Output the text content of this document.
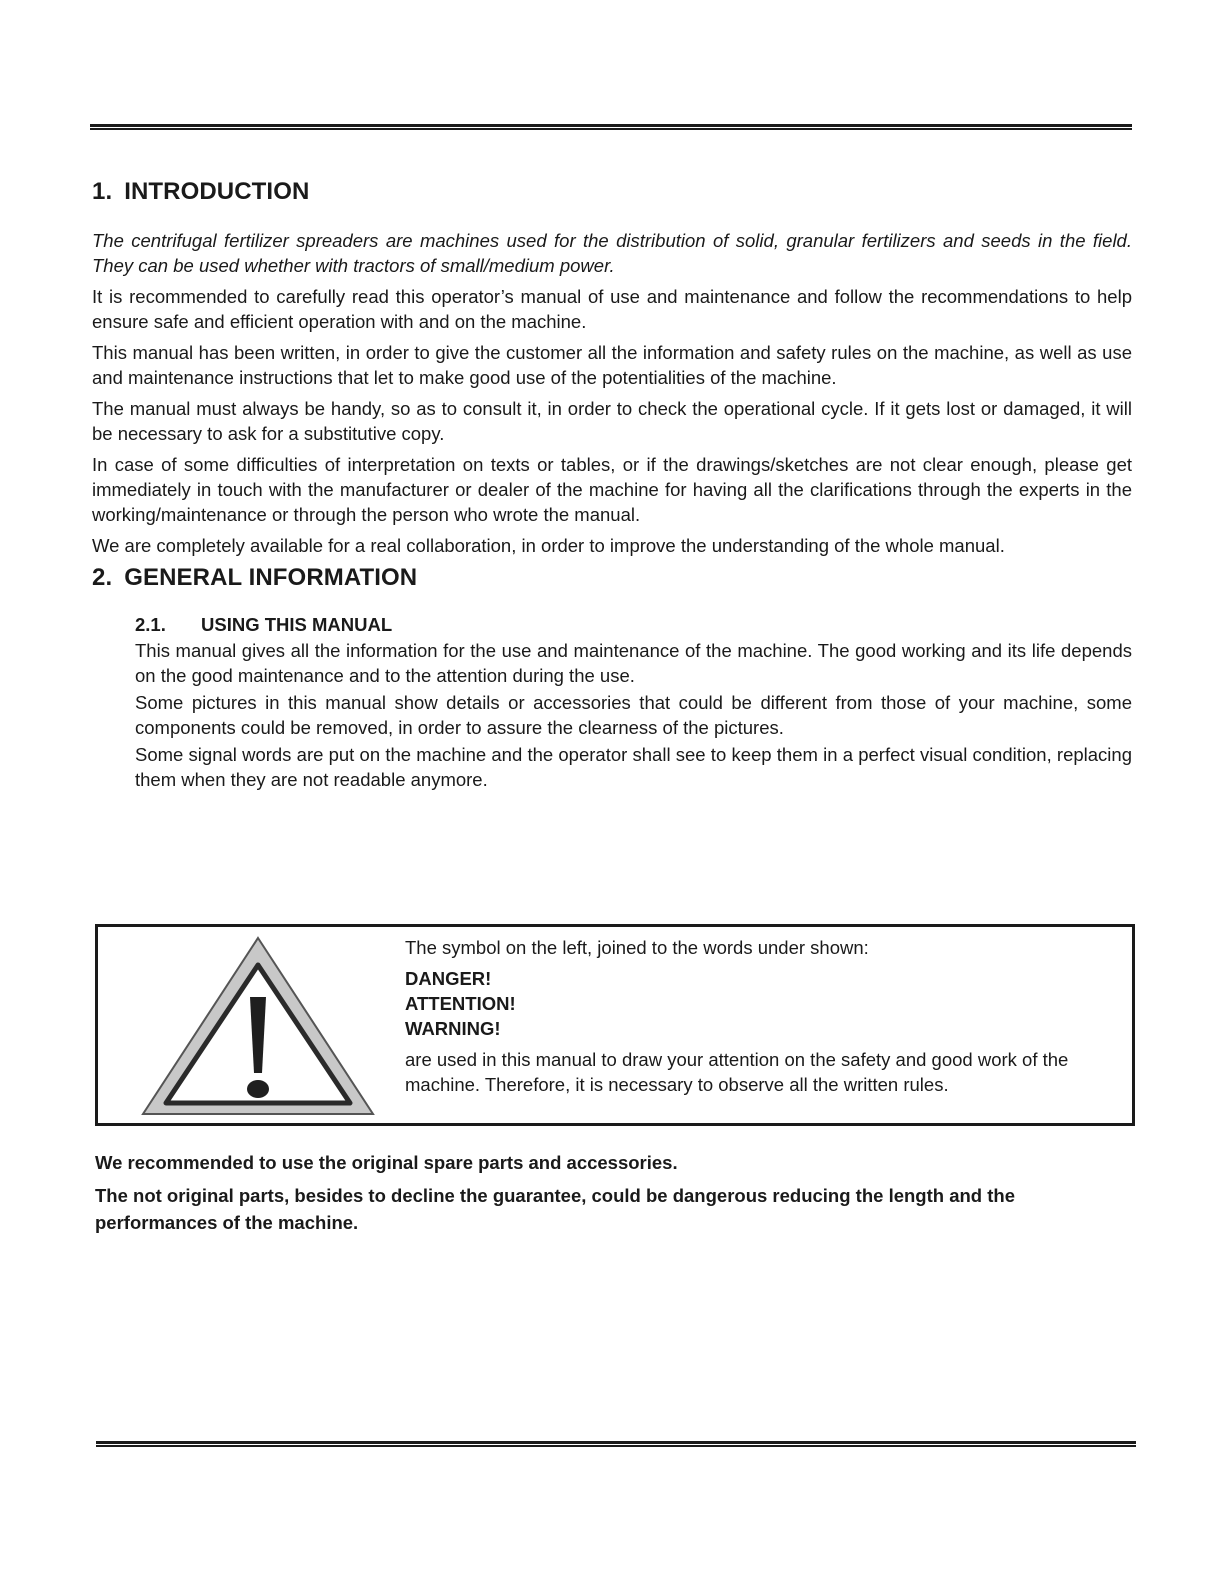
1. INTRODUCTION

The centrifugal fertilizer spreaders are machines used for the distribution of solid, granular fertilizers and seeds in the field. They can be used whether with tractors of small/medium power.

It is recommended to carefully read this operator’s manual of use and maintenance and follow the recommendations to help ensure safe and efficient operation with and on the machine.

This manual has been written, in order to give the customer all the information and safety rules on the machine, as well as use and maintenance instructions that let to make good use of the potentialities of the machine.

The manual must always be handy, so as to consult it, in order to check the operational cycle. If it gets lost or damaged, it will be necessary to ask for a substitutive copy.

In case of some difficulties of interpretation on texts or tables, or if the drawings/sketches are not clear enough, please get immediately in touch with the manufacturer or dealer of the machine for having all the clarifications through the experts in the working/maintenance or through the person who wrote the manual.

We are completely available for a real collaboration, in order to improve the understanding of the whole manual.

2. GENERAL INFORMATION
2.1. USING THIS MANUAL

This manual gives all the information for the use and maintenance of the machine. The good working and its life depends on the good maintenance and to the attention during the use.

Some pictures in this manual show details or accessories that could be different from those of your machine, some components could be removed, in order to assure the clearness of the pictures.

Some signal words are put on the machine and the operator shall see to keep them in a perfect visual condition, replacing them when they are not readable anymore.

The symbol on the left, joined to the words under shown:

DANGER!
ATTENTION!
WARNING!

are used in this manual to draw your attention on the safety and good work of the machine. Therefore, it is necessary to observe all the written rules.

We recommended to use the original spare parts and accessories.

The not original parts, besides to decline the guarantee, could be dangerous reducing the length and the performances of the machine.
